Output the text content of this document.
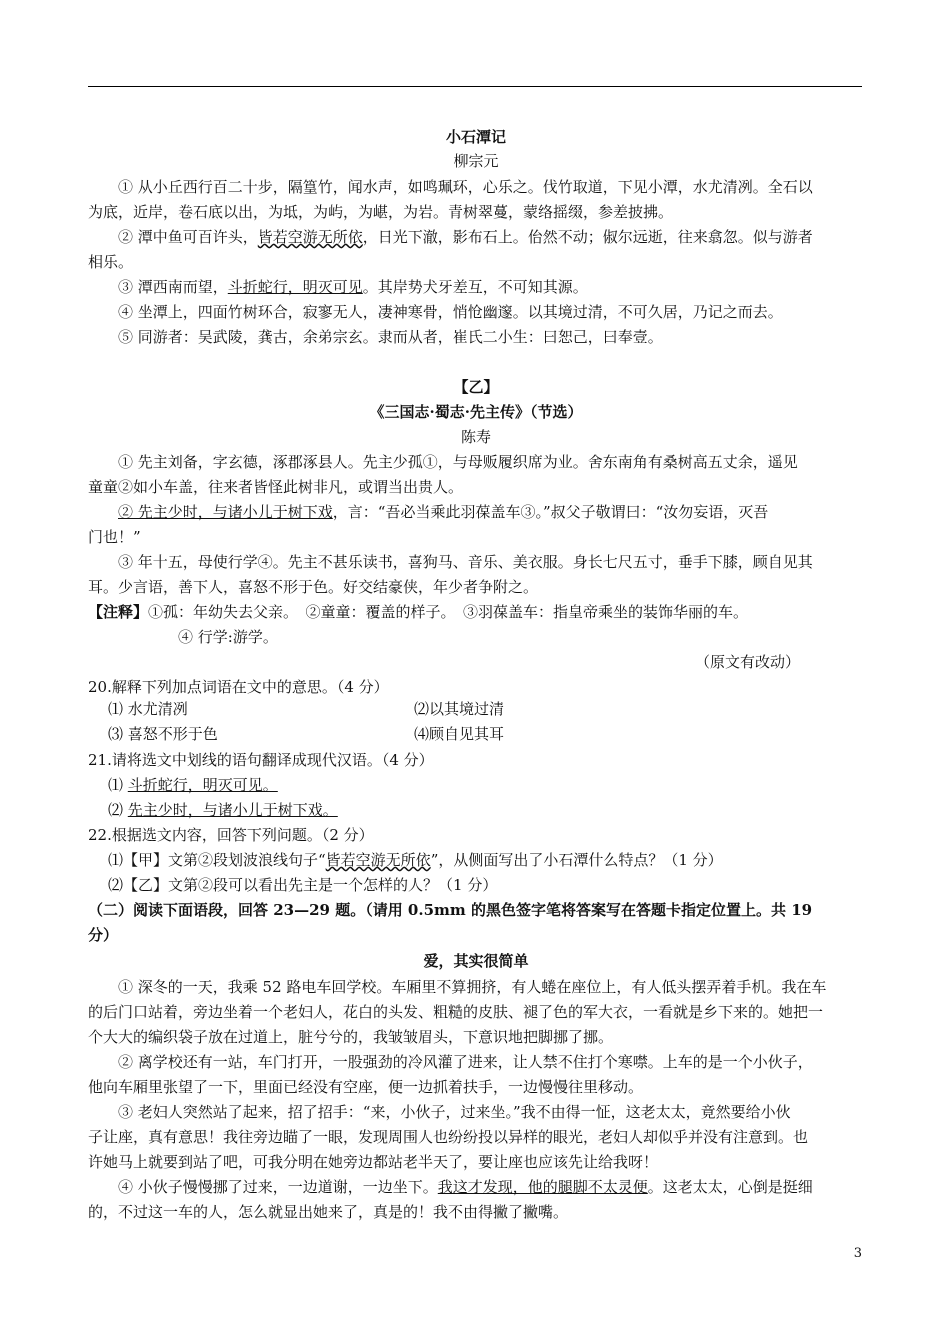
小石潭记
柳宗元
① 从小丘西行百二十步，隔篁竹，闻水声，如鸣珮环，心乐之。伐竹取道，下见小潭，水尤清冽。全石以
为底，近岸，卷石底以出，为坻，为屿，为嵁，为岩。青树翠蔓，蒙络摇缀，参差披拂。
② 潭中鱼可百许头，皆若空游无所依，日光下澈，影布石上。佁然不动；俶尔远逝，往来翕忽。似与游者
相乐。
③ 潭西南而望，斗折蛇行，明灭可见。其岸势犬牙差互，不可知其源。
④ 坐潭上，四面竹树环合，寂寥无人，凄神寒骨，悄怆幽邃。以其境过清，不可久居，乃记之而去。
⑤ 同游者：吴武陵，龚古，余弟宗玄。隶而从者，崔氏二小生：曰恕己，曰奉壹。
【乙】
《三国志·蜀志·先主传》（节选）
陈寿
① 先主刘备，字玄德，涿郡涿县人。先主少孤①，与母贩履织席为业。舍东南角有桑树高五丈余，遥见
童童②如小车盖，往来者皆怪此树非凡，或谓当出贵人。
② 先主少时，与诸小儿于树下戏，言：“吾必当乘此羽葆盖车③。”叔父子敬谓曰：“汝勿妄语，灭吾
门也！”
③ 年十五，母使行学④。先主不甚乐读书，喜狗马、音乐、美衣服。身长七尺五寸，垂手下膝，顾自见其
耳。少言语，善下人，喜怒不形于色。好交结豪侠，年少者争附之。
【注释】①孤：年幼失去父亲。　②童童：覆盖的样子。　③羽葆盖车：指皇帝乘坐的装饰华丽的车。
④ 行学:游学。
（原文有改动）
20.解释下列加点词语在文中的意思。（4 分）
⑴ 水尤清冽	⑵以其境过清
⑶ 喜怒不形于色	⑷顾自见其耳
21.请将选文中划线的语句翻译成现代汉语。（4 分）
⑴ 斗折蛇行，明灭可见。
⑵ 先主少时，与诸小儿于树下戏。
22.根据选文内容，回答下列问题。（2 分）
⑴【甲】文第②段划波浪线句子“皆若空游无所依”，从侧面写出了小石潭什么特点？（1 分）
⑵【乙】文第②段可以看出先主是一个怎样的人？（1 分）
（二）阅读下面语段，回答 23—29 题。（请用 0.5mm 的黑色签字笔将答案写在答题卡指定位置上。共 19
分）
爱，其实很简单
① 深冬的一天，我乘 52 路电车回学校。车厢里不算拥挤，有人蜷在座位上，有人低头摆弄着手机。我在车
的后门口站着，旁边坐着一个老妇人，花白的头发、粗糙的皮肤、褪了色的军大衣，一看就是乡下来的。她把一
个大大的编织袋子放在过道上，脏兮兮的，我皱皱眉头，下意识地把脚挪了挪。
② 离学校还有一站，车门打开，一股强劲的冷风灌了进来，让人禁不住打个寒噤。上车的是一个小伙子，
他向车厢里张望了一下，里面已经没有空座，便一边抓着扶手，一边慢慢往里移动。
③ 老妇人突然站了起来，招了招手：“来，小伙子，过来坐。”我不由得一怔，这老太太，竟然要给小伙
子让座，真有意思！我往旁边瞄了一眼，发现周围人也纷纷投以异样的眼光，老妇人却似乎并没有注意到。也
许她马上就要到站了吧，可我分明在她旁边都站老半天了，要让座也应该先让给我呀！
④ 小伙子慢慢挪了过来，一边道谢，一边坐下。我这才发现，他的腿脚不太灵便。这老太太，心倒是挺细
的，不过这一车的人，怎么就显出她来了，真是的！我不由得撇了撇嘴。
3
